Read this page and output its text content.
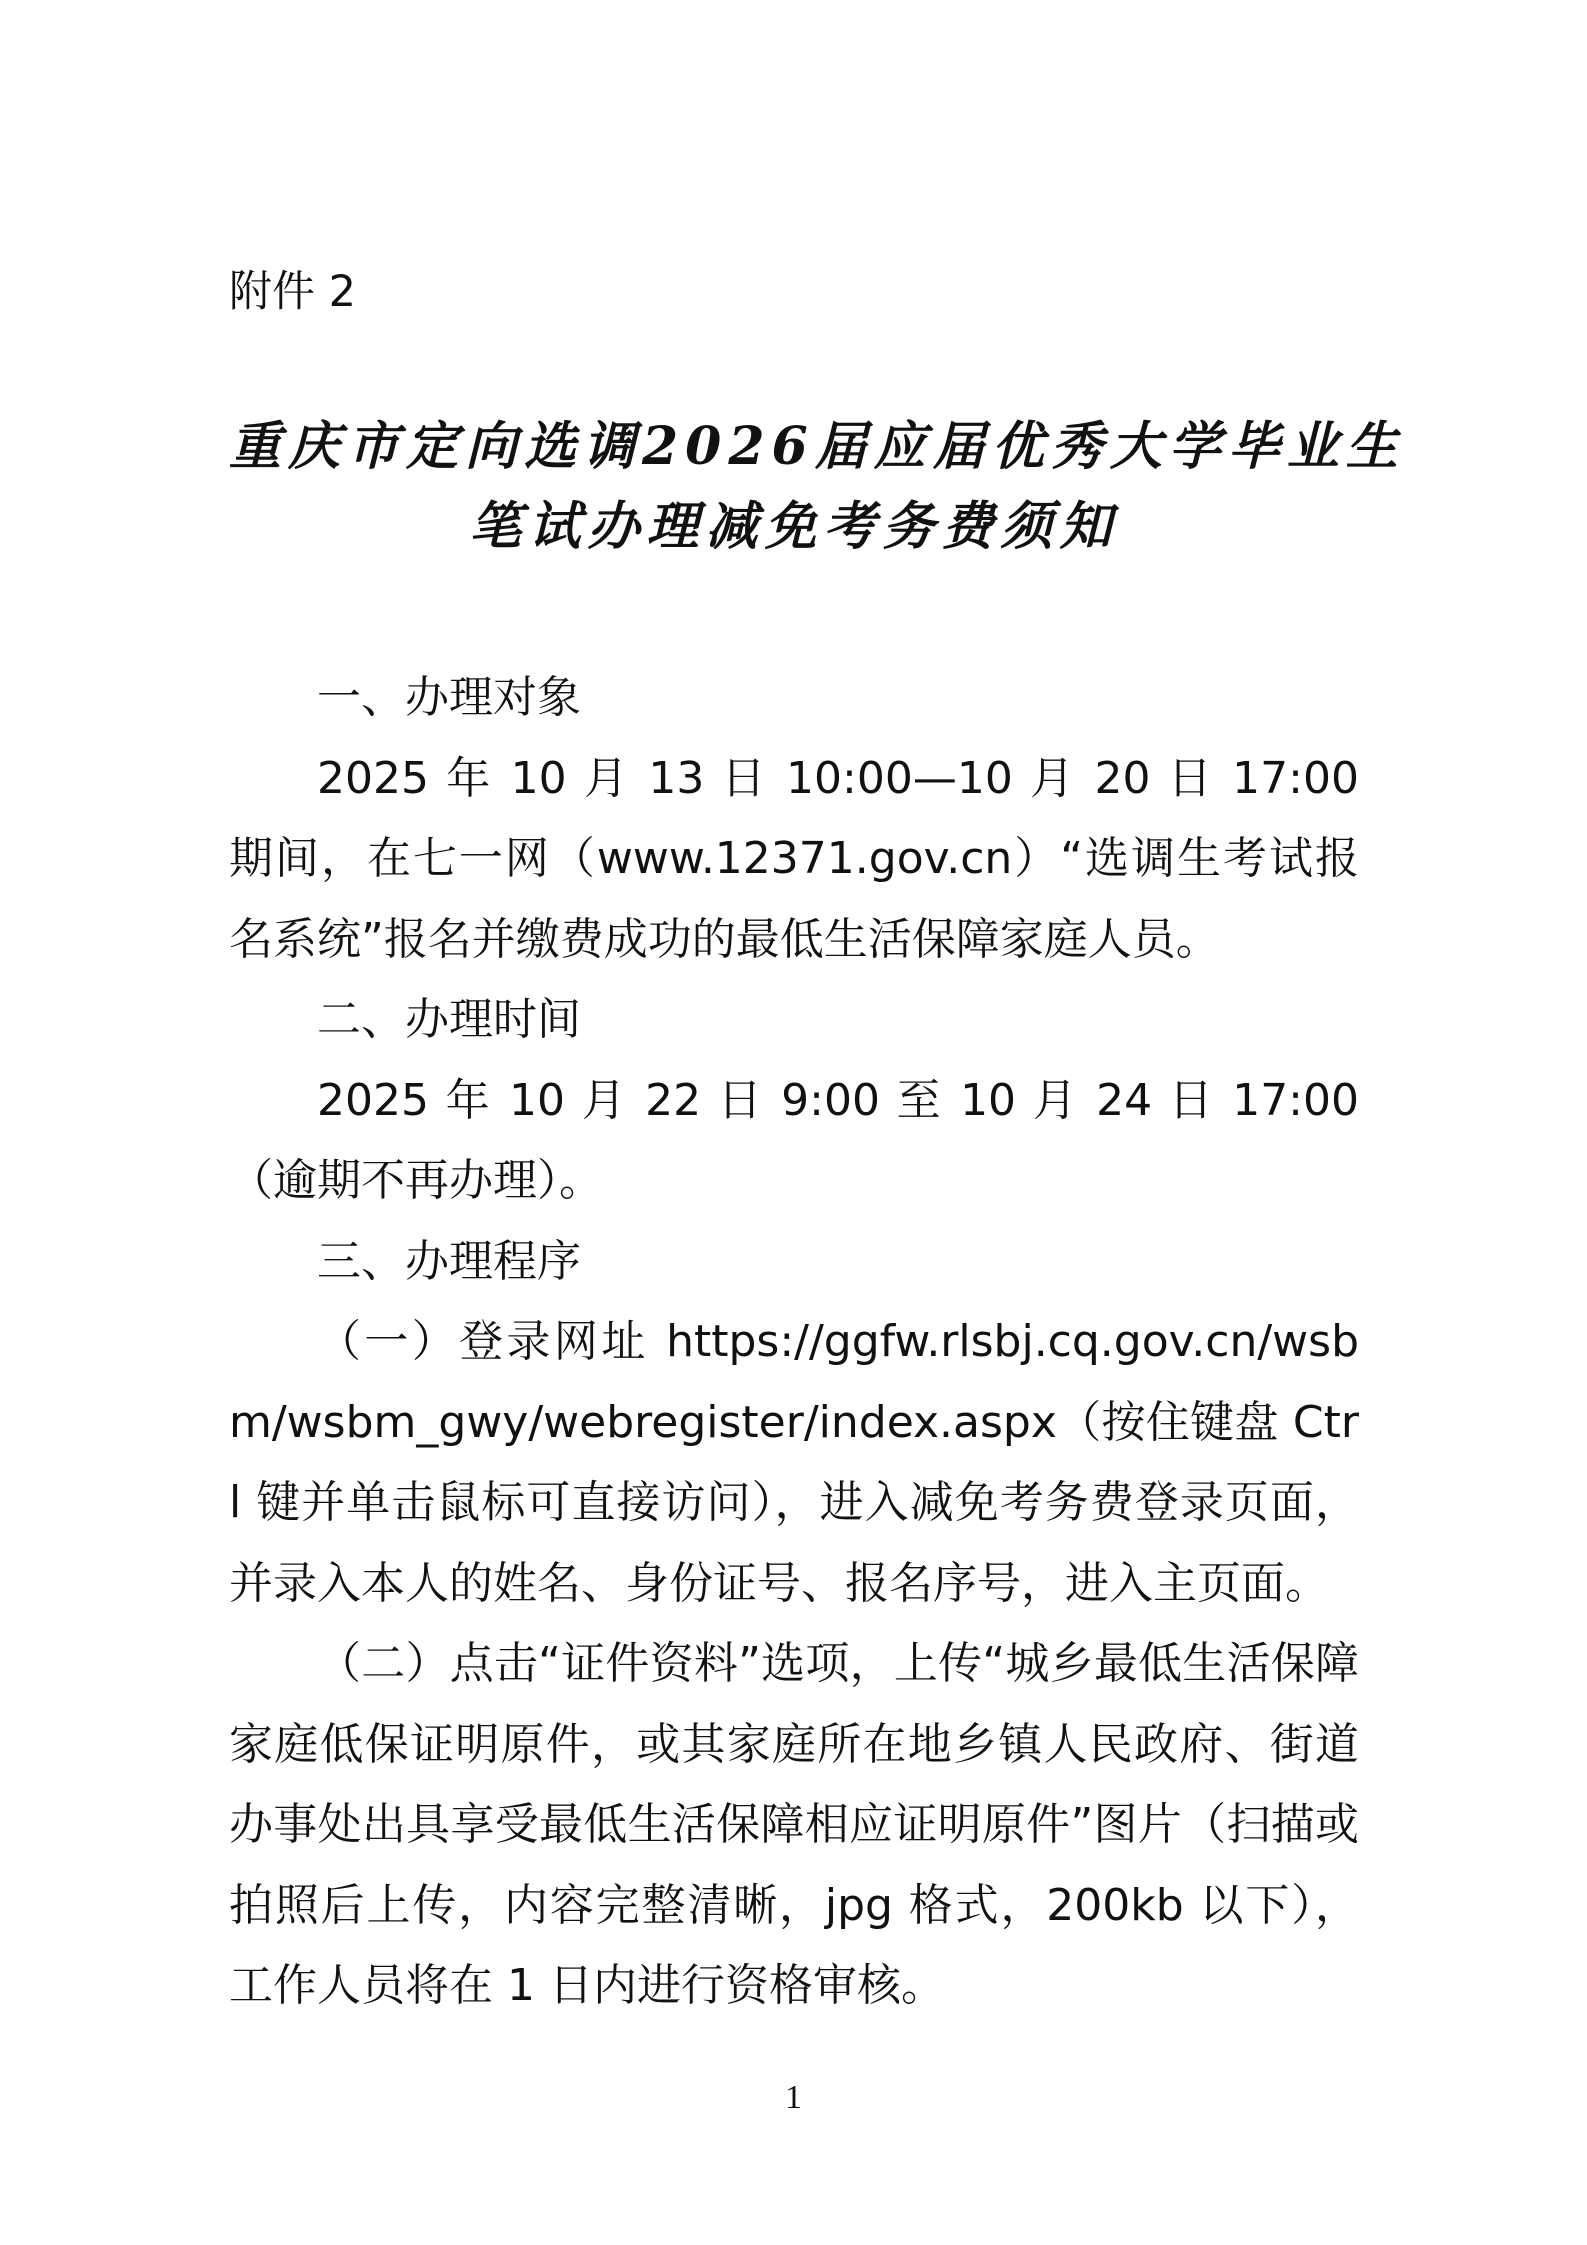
附件 2
重庆市定向选调2026届应届优秀大学毕业生
笔试办理减免考务费须知

一、办理对象

2025 年 10 月 13 日 10:00—10 月 20 日 17:00 期间，在七一网（www.12371.gov.cn）“选调生考试报名系统”报名并缴费成功的最低生活保障家庭人员。

二、办理时间

2025 年 10 月 22 日 9:00 至 10 月 24 日 17:00（逾期不再办理）。

三、办理程序

（一）登录网址 https://ggfw.rlsbj.cq.gov.cn/wsbm/wsbm_gwy/webregister/index.aspx（按住键盘 Ctrl 键并单击鼠标可直接访问），进入减免考务费登录页面，并录入本人的姓名、身份证号、报名序号，进入主页面。

（二）点击“证件资料”选项，上传“城乡最低生活保障家庭低保证明原件，或其家庭所在地乡镇人民政府、街道办事处出具享受最低生活保障相应证明原件”图片（扫描或拍照后上传，内容完整清晰，jpg 格式，200kb 以下），工作人员将在 1 日内进行资格审核。

1
